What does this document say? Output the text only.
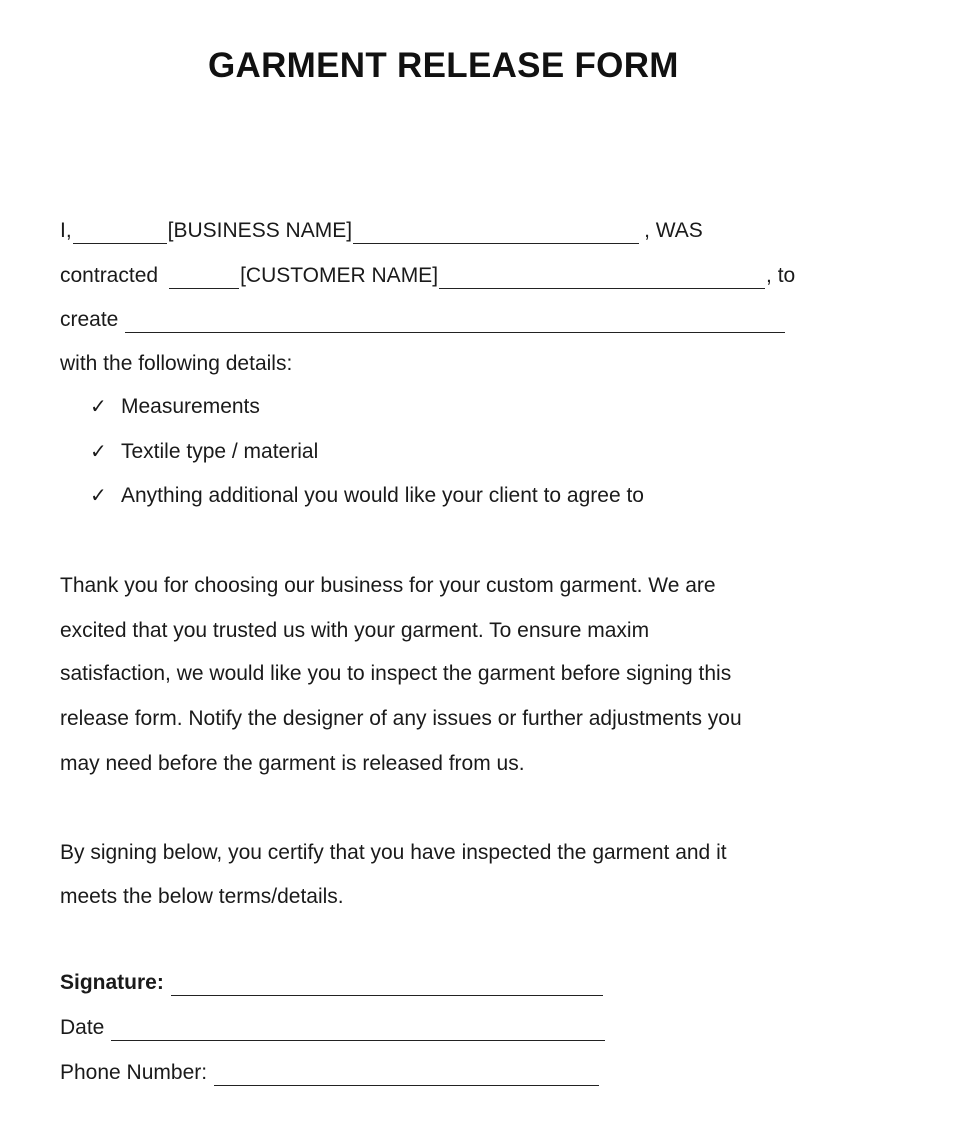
GARMENT RELEASE FORM
I,	[BUSINESS NAME]	, WAS
contracted	[CUSTOMER NAME]	, to
create
with the following details:
✓ Measurements
✓ Textile type / material
✓ Anything additional you would like your client to agree to
Thank you for choosing our business for your custom garment. We are
excited that you trusted us with your garment. To ensure maxim
satisfaction, we would like you to inspect the garment before signing this
release form. Notify the designer of any issues or further adjustments you
may need before the garment is released from us.
By signing below, you certify that you have inspected the garment and it
meets the below terms/details.
Signature:
Date
Phone Number:
